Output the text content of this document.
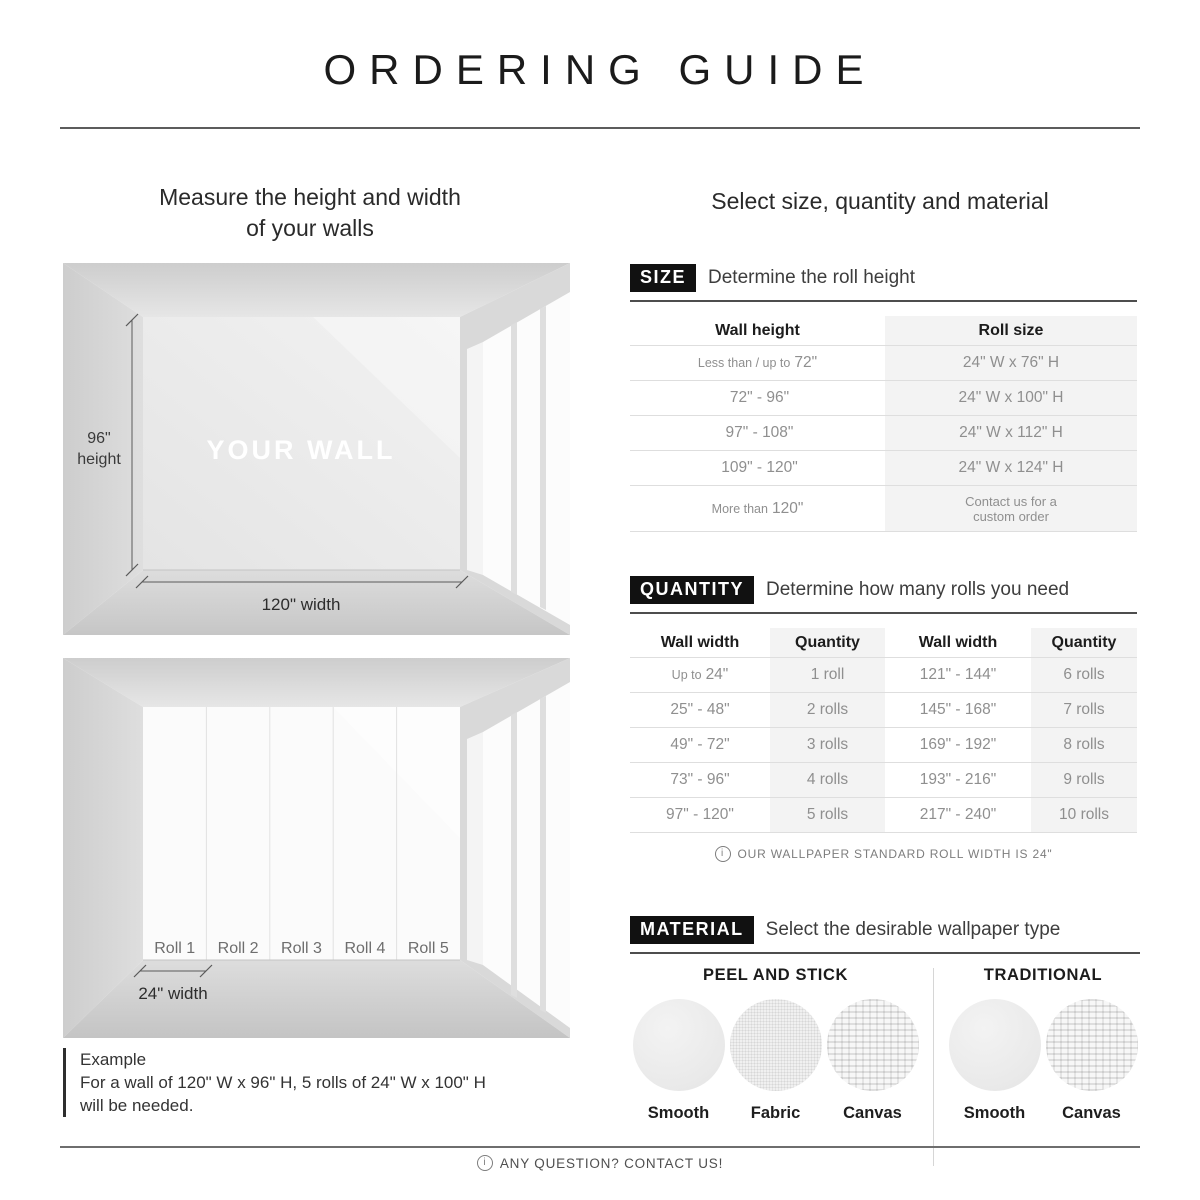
ORDERING GUIDE
Measure the height and width
of your walls
Select size, quantity and material
YOUR WALL
96"
height
120" width
Roll 1 Roll 2 Roll 3 Roll 4 Roll 5
24" width
Example
For a wall of 120" W x 96" H, 5 rolls of 24" W x 100" H
will be needed.
SIZE	Determine the roll height
Wall height	Roll size
Less than / up to 72"	24" W x 76" H
72" - 96"	24" W x 100" H
97" - 108"	24" W x 112" H
109" - 120"	24" W x 124" H
More than 120"	Contact us for a custom order
QUANTITY	Determine how many rolls you need
Wall width	Quantity	Wall width	Quantity
Up to 24"	1 roll	121" - 144"	6 rolls
25" - 48"	2 rolls	145" - 168"	7 rolls
49" - 72"	3 rolls	169" - 192"	8 rolls
73" - 96"	4 rolls	193" - 216"	9 rolls
97" - 120"	5 rolls	217" - 240"	10 rolls
i
OUR WALLPAPER STANDARD ROLL WIDTH IS 24"
MATERIAL	Select the desirable wallpaper type
PEEL AND STICK
Smooth	Fabric	Canvas
TRADITIONAL
Smooth Canvas
i
ANY QUESTION? CONTACT US!
